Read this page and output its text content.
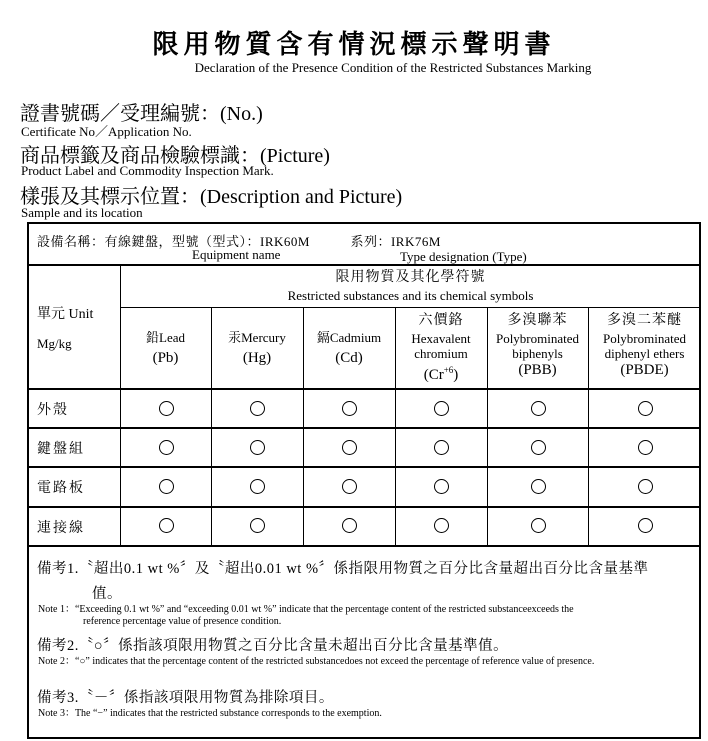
限用物質含有情況標示聲明書
Declaration of the Presence Condition of the Restricted Substances Marking
證書號碼／受理編號：(No.)
Certificate No／Application No.
商品標籤及商品檢驗標識：(Picture)
Product Label and Commodity Inspection Mark.
樣張及其標示位置：(Description and Picture)
Sample and its location
設備名稱：有線鍵盤，型號（型式）：IRK60M　　　系列：IRK76M
Equipment name	Type designation (Type)
單元 Unit
Mg/kg
限用物質及其化學符號
Restricted substances and its chemical symbols
鉛Lead
(Pb)
汞Mercury
(Hg)
鎘Cadmium
(Cd)
六價鉻
Hexavalent
chromium
$(Cr^{+6})$
多溴聯苯
Polybrominated
biphenyls
(PBB)
多溴二苯醚
Polybrominated
diphenyl ethers
(PBDE)
外殼
鍵盤組
電路板
連接線
備考1.〝超出0.1 wt %〞及〝超出0.01 wt %〞係指限用物質之百分比含量超出百分比含量基準
值。
Note 1：“Exceeding 0.1 wt %” and “exceeding 0.01 wt %” indicate that the percentage content of the restricted substanceexceeds the
reference percentage value of presence condition.
備考2.〝○〞係指該項限用物質之百分比含量未超出百分比含量基準值。
Note 2：“○” indicates that the percentage content of the restricted substancedoes not exceed the percentage of reference value of presence.
備考3.〝－〞係指該項限用物質為排除項目。
Note 3：The “−” indicates that the restricted substance corresponds to the exemption.
